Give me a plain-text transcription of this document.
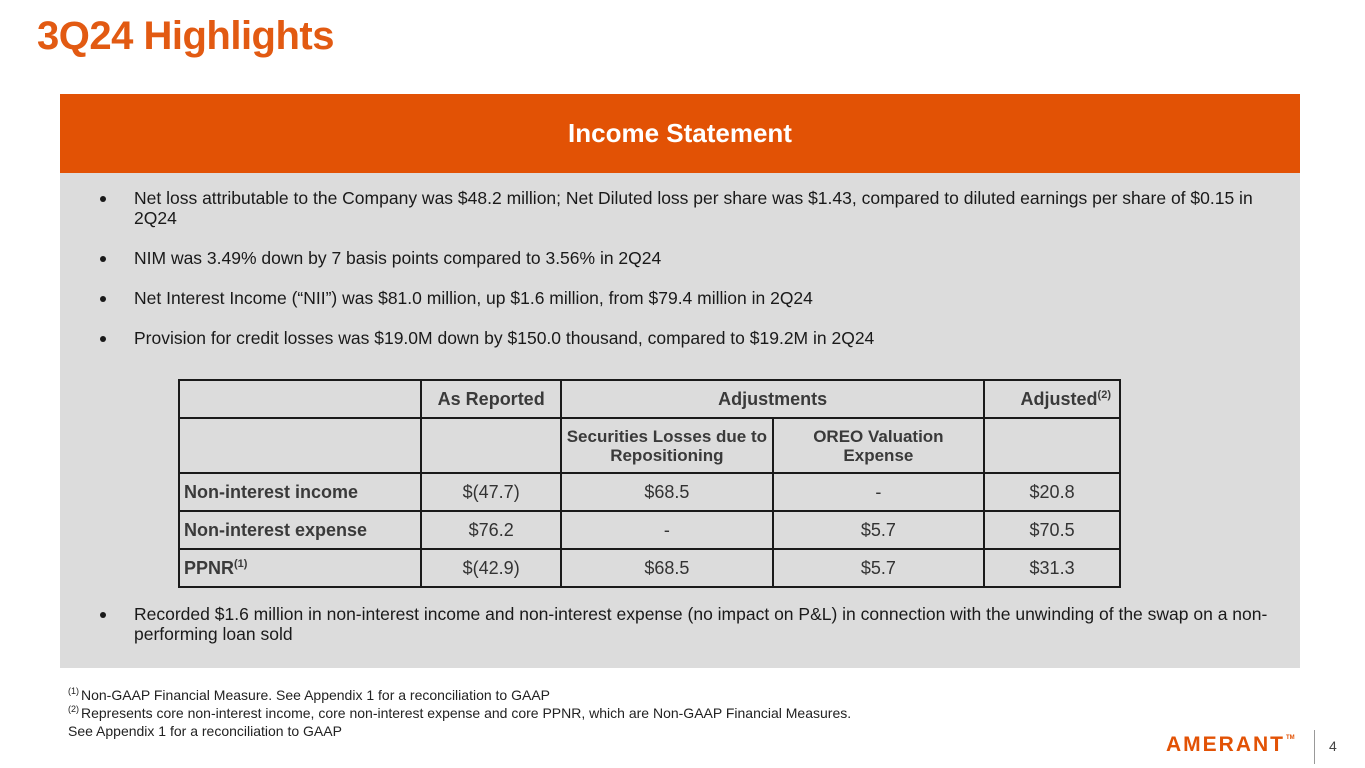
3Q24 Highlights
Income Statement
Net loss attributable to the Company was $48.2 million; Net Diluted loss per share was $1.43, compared to diluted earnings per share of $0.15 in 2Q24
NIM was 3.49% down by 7 basis points compared to 3.56% in 2Q24
Net Interest Income (“NII”) was $81.0 million, up $1.6 million, from $79.4 million in 2Q24
Provision for credit losses was $19.0M down by $150.0 thousand, compared to $19.2M in 2Q24
	As Reported	Adjustments		Adjusted$^{(2)}$
		Securities Losses due to Repositioning	OREO Valuation Expense	
Non-interest income	$(47.7)	$68.5	-	$20.8
Non-interest expense	$76.2	-	$5.7	$70.5
PPNR$^{(1)}$	$(42.9)	$68.5	$5.7	$31.3
Recorded $1.6 million in non-interest income and non-interest expense (no impact on P&L) in connection with the unwinding of the swap on a non-performing loan sold
$^{(1)}$ Non-GAAP Financial Measure. See Appendix 1 for a reconciliation to GAAP
$^{(2)}$ Represents core non-interest income, core non-interest expense and core PPNR, which are Non-GAAP Financial Measures.
See Appendix 1 for a reconciliation to GAAP
AMERANT TM 4
